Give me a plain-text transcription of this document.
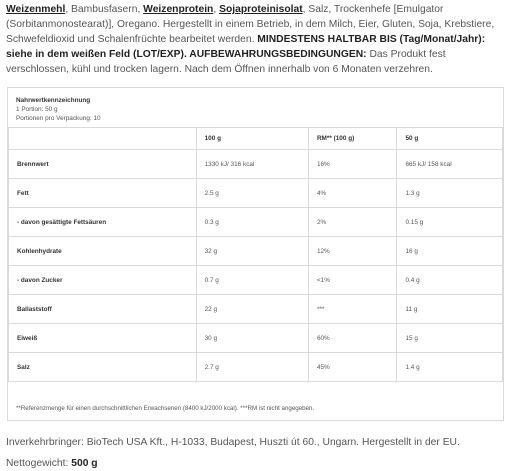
Weizenmehl, Bambusfasern, Weizenprotein, Sojaproteinisolat, Salz, Trockenhefe [Emulgator (Sorbitanmonostearat)], Oregano. Hergestellt in einem Betrieb, in dem Milch, Eier, Gluten, Soja, Krebstiere, Schwefeldioxid und Schalenfrüchte bearbeitet werden. MINDESTENS HALTBAR BIS (Tag/Monat/Jahr): siehe in dem weißen Feld (LOT/EXP). AUFBEWAHRUNGSBEDINGUNGEN: Das Produkt fest verschlossen, kühl und trocken lagern. Nach dem Öffnen innerhalb von 6 Monaten verzehren.
Nahrwertkennzeichnung
1 Portion: 50 g
Portionen pro Verpackung: 10
	100 g	RM** (100 g)	50 g
Brennwert	1330 kJ/ 316 kcal	16%	665 kJ/ 158 kcal
Fett	2.5 g	4%	1.3 g
- davon gesättigte Fettsäuren	0.3 g	2%	0.15 g
Kohlenhydrate	32 g	12%	16 g
- davon Zucker	0.7 g	<1%	0.4 g
Ballaststoff	22 g	***	11 g
Eiweiß	30 g	60%	15 g
Salz	2.7 g	45%	1.4 g
**Referenzmenge für einen durchschnittlichen Erwachsenen (8400 kJ/2000 kcal). ***RM ist nicht angegeben.
Inverkehrbringer: BioTech USA Kft., H-1033, Budapest, Huszti út 60., Ungarn. Hergestellt in der EU.
Nettogewicht: 500 g
